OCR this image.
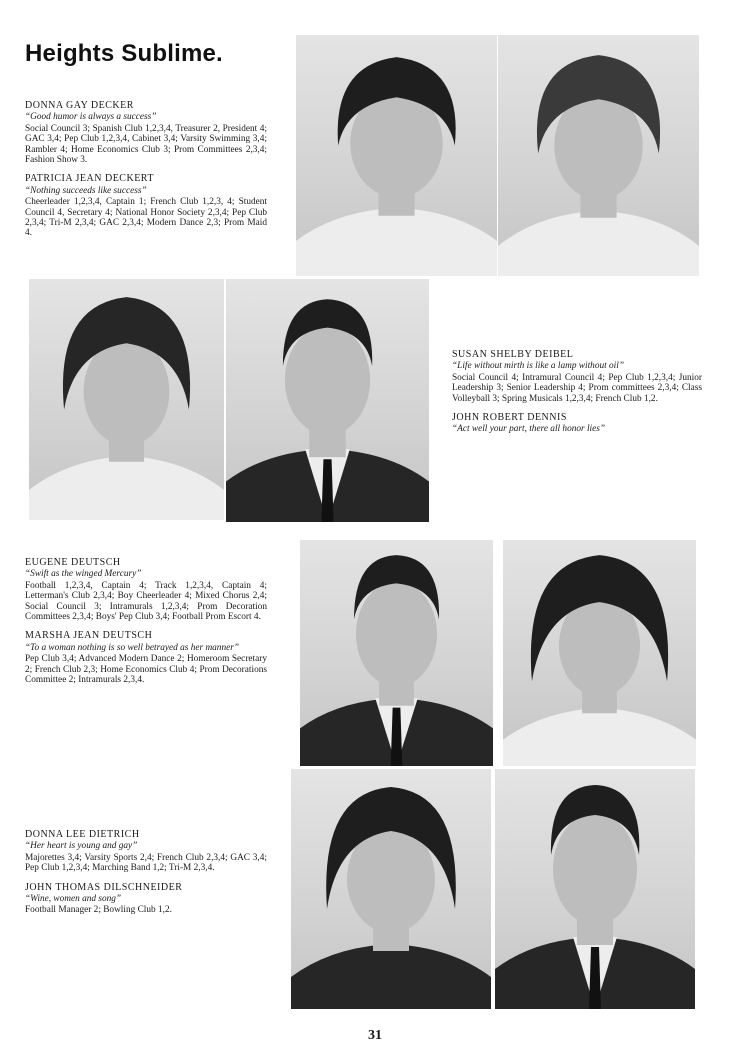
Heights Sublime.
DONNA GAY DECKER
“Good humor is always a success”
Social Council 3; Spanish Club 1,2,3,4, Treasurer 2, President 4; GAC 3,4; Pep Club 1,2,3,4, Cabinet 3,4; Varsity Swimming 3,4; Rambler 4; Home Economics Club 3; Prom Committees 2,3,4; Fashion Show 3.
PATRICIA JEAN DECKERT
“Nothing succeeds like success”
Cheerleader 1,2,3,4, Captain 1; French Club 1,2,3, 4; Student Council 4, Secretary 4; National Honor Society 2,3,4; Pep Club 2,3,4; Tri-M 2,3,4; GAC 2,3,4; Modern Dance 2,3; Prom Maid 4.
SUSAN SHELBY DEIBEL
“Life without mirth is like a lamp without oil”
Social Council 4; Intramural Council 4; Pep Club 1,2,3,4; Junior Leadership 3; Senior Leadership 4; Prom committees 2,3,4; Class Volleyball 3; Spring Musicals 1,2,3,4; French Club 1,2.
JOHN ROBERT DENNIS
“Act well your part, there all honor lies”
EUGENE DEUTSCH
“Swift as the winged Mercury”
Football 1,2,3,4, Captain 4; Track 1,2,3,4, Captain 4; Letterman's Club 2,3,4; Boy Cheerleader 4; Mixed Chorus 2,4; Social Council 3; Intramurals 1,2,3,4; Prom Decoration Committees 2,3,4; Boys' Pep Club 3,4; Football Prom Escort 4.
MARSHA JEAN DEUTSCH
“To a woman nothing is so well betrayed as her manner”
Pep Club 3,4; Advanced Modern Dance 2; Homeroom Secretary 2; French Club 2,3; Home Economics Club 4; Prom Decorations Committee 2; Intramurals 2,3,4.
DONNA LEE DIETRICH
“Her heart is young and gay”
Majorettes 3,4; Varsity Sports 2,4; French Club 2,3,4; GAC 3,4; Pep Club 1,2,3,4; Marching Band 1,2; Tri-M 2,3,4.
JOHN THOMAS DILSCHNEIDER
“Wine, women and song”
Football Manager 2; Bowling Club 1,2.
31
